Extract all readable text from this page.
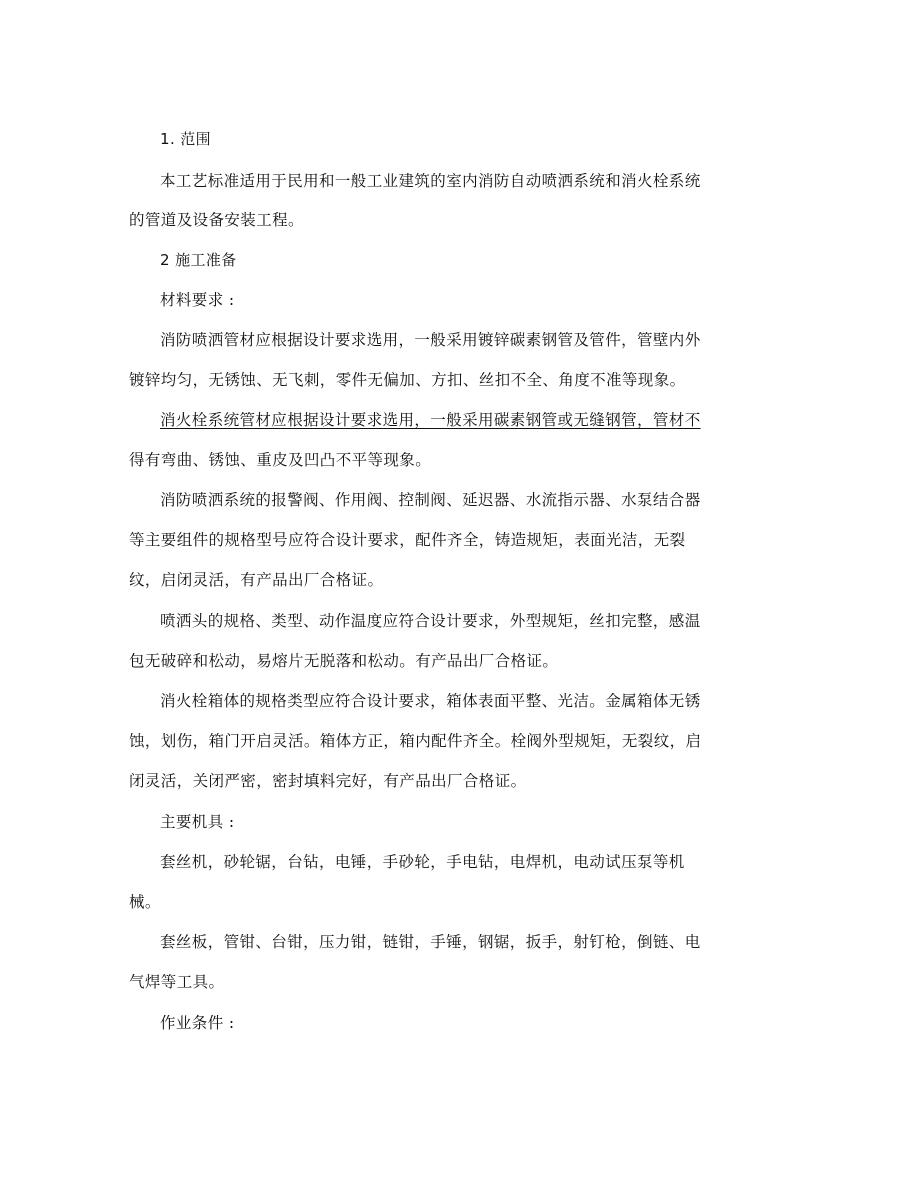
1. 范围
本工艺标准适用于民用和一般工业建筑的室内消防自动喷洒系统和消火栓系统
的管道及设备安装工程。
2 施工准备
材料要求 :
消防喷洒管材应根据设计要求选用，一般采用镀锌碳素钢管及管件，管壁内外
镀锌均匀，无锈蚀、无飞刺，零件无偏加、方扣、丝扣不全、角度不准等现象。
消火栓系统管材应根据设计要求选用，一般采用碳素钢管或无缝钢管，管材不
得有弯曲、锈蚀、重皮及凹凸不平等现象。
消防喷洒系统的报警阀、作用阀、控制阀、延迟器、水流指示器、水泵结合器
等主要组件的规格型号应符合设计要求，配件齐全，铸造规矩，表面光洁，无裂
纹，启闭灵活，有产品出厂合格证。
喷洒头的规格、类型、动作温度应符合设计要求，外型规矩，丝扣完整，感温
包无破碎和松动，易熔片无脱落和松动。有产品出厂合格证。
消火栓箱体的规格类型应符合设计要求，箱体表面平整、光洁。金属箱体无锈
蚀，划伤，箱门开启灵活。箱体方正，箱内配件齐全。栓阀外型规矩，无裂纹，启
闭灵活，关闭严密，密封填料完好，有产品出厂合格证。
主要机具 :
套丝机，砂轮锯，台钻，电锤，手砂轮，手电钻，电焊机，电动试压泵等机
械。
套丝板，管钳、台钳，压力钳，链钳，手锤，钢锯，扳手，射钉枪，倒链、电
气焊等工具。
作业条件 :
